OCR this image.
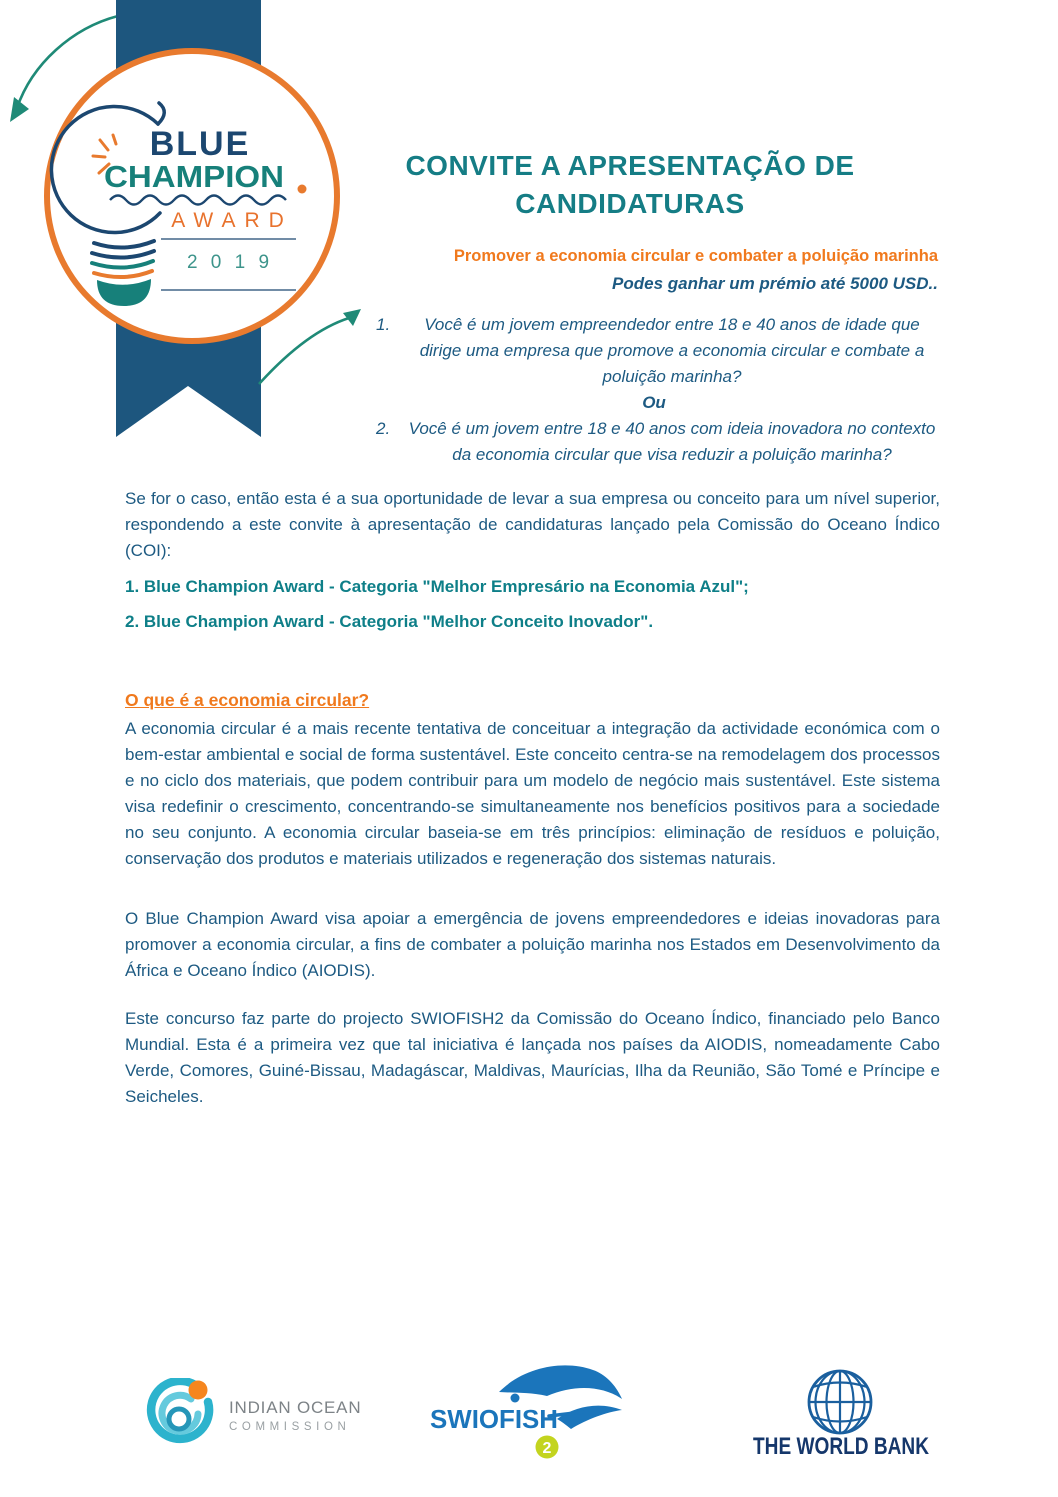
BLUE
CHAMPION
AWARD
2 0 1 9
CONVITE A APRESENTAÇÃO DE
CANDIDATURAS
Promover a economia circular e combater a poluição marinha
Podes ganhar um prémio até 5000 USD..
1.	Você é um jovem empreendedor entre 18 e 40 anos de idade que dirige uma empresa que promove a economia circular e combate a poluição marinha?
Ou
2. Você é um jovem entre 18 e 40 anos com ideia inovadora no contexto da economia circular que visa reduzir a poluição marinha?
Se for o caso, então esta é a sua oportunidade de levar a sua empresa ou conceito para um nível superior, respondendo a este convite à apresentação de candidaturas lançado pela Comissão do Oceano Índico (COI):
1. Blue Champion Award - Categoria "Melhor Empresário na Economia Azul";
2. Blue Champion Award - Categoria "Melhor Conceito Inovador".
O que é a economia circular?
A economia circular é a mais recente tentativa de conceituar a integração da actividade económica com o bem-estar ambiental e social de forma sustentável. Este conceito centra-se na remodelagem dos processos e no ciclo dos materiais, que podem contribuir para um modelo de negócio mais sustentável. Este sistema visa redefinir o crescimento, concentrando-se simultaneamente nos benefícios positivos para a sociedade no seu conjunto. A economia circular baseia-se em três princípios: eliminação de resíduos e poluição, conservação dos produtos e materiais utilizados e regeneração dos sistemas naturais.
O Blue Champion Award visa apoiar a emergência de jovens empreendedores e ideias inovadoras para promover a economia circular, a fins de combater a poluição marinha nos Estados em Desenvolvimento da África e Oceano Índico (AIODIS).
Este concurso faz parte do projecto SWIOFISH2 da Comissão do Oceano Índico, financiado pelo Banco Mundial. Esta é a primeira vez que tal iniciativa é lançada nos países da AIODIS, nomeadamente Cabo Verde, Comores, Guiné-Bissau, Madagáscar, Maldivas, Maurícias, Ilha da Reunião, São Tomé e Príncipe e Seicheles.
INDIAN OCEAN
COMMISSION	SWIOFISH
2	THE WORLD BANK
